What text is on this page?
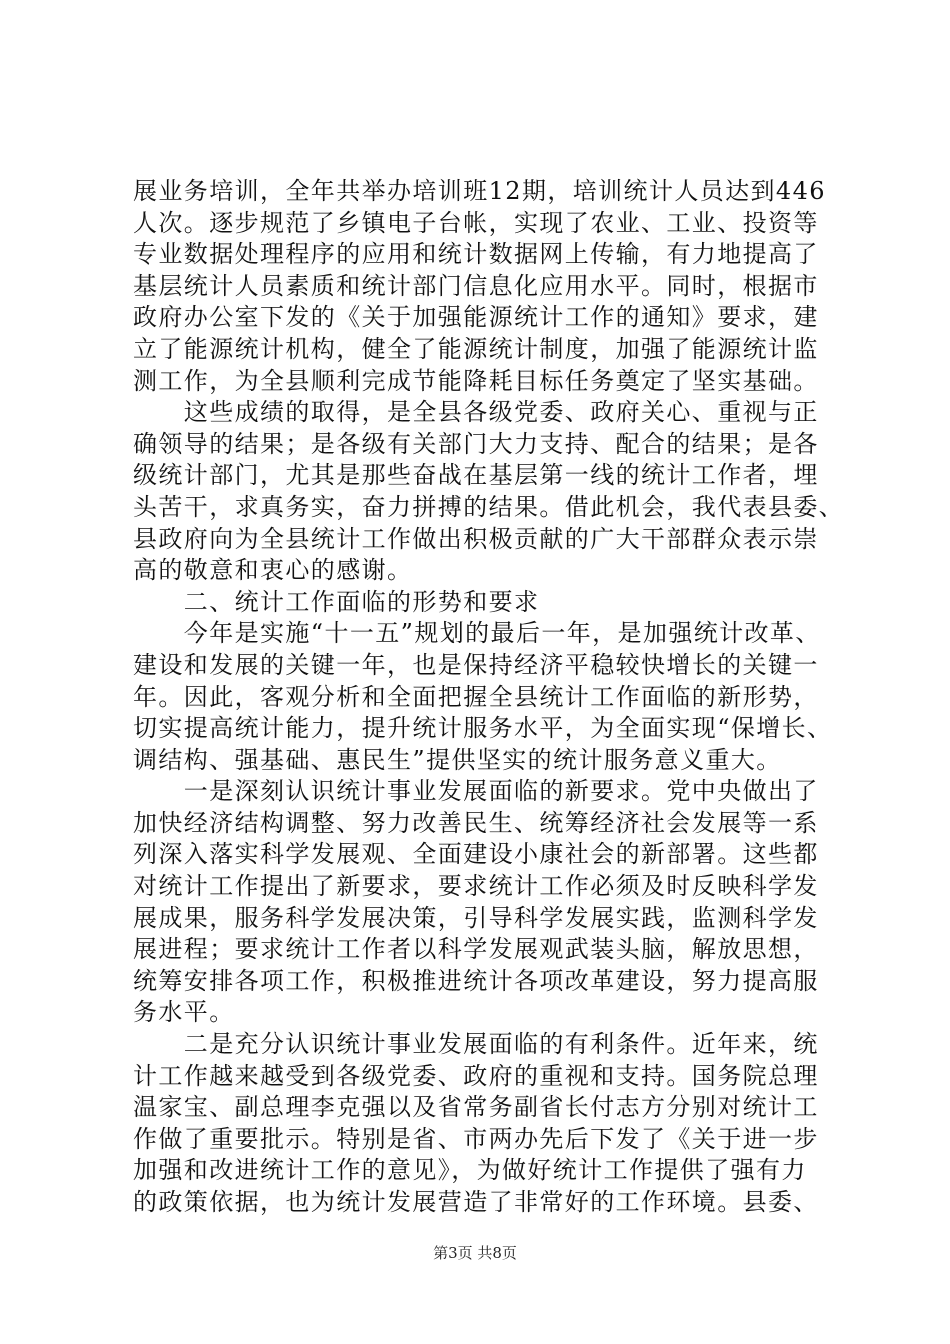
展业务培训，全年共举办培训班12期，培训统计人员达到446
人次。逐步规范了乡镇电子台帐，实现了农业、工业、投资等
专业数据处理程序的应用和统计数据网上传输，有力地提高了
基层统计人员素质和统计部门信息化应用水平。同时，根据市
政府办公室下发的《关于加强能源统计工作的通知》要求，建
立了能源统计机构，健全了能源统计制度，加强了能源统计监
测工作，为全县顺利完成节能降耗目标任务奠定了坚实基础。
　　这些成绩的取得，是全县各级党委、政府关心、重视与正
确领导的结果；是各级有关部门大力支持、配合的结果；是各
级统计部门，尤其是那些奋战在基层第一线的统计工作者，埋
头苦干，求真务实，奋力拼搏的结果。借此机会，我代表县委、
县政府向为全县统计工作做出积极贡献的广大干部群众表示崇
高的敬意和衷心的感谢。
　　二、统计工作面临的形势和要求
　　今年是实施“十一五”规划的最后一年，是加强统计改革、
建设和发展的关键一年，也是保持经济平稳较快增长的关键一
年。因此，客观分析和全面把握全县统计工作面临的新形势，
切实提高统计能力，提升统计服务水平，为全面实现“保增长、
调结构、强基础、惠民生”提供坚实的统计服务意义重大。
　　一是深刻认识统计事业发展面临的新要求。党中央做出了
加快经济结构调整、努力改善民生、统筹经济社会发展等一系
列深入落实科学发展观、全面建设小康社会的新部署。这些都
对统计工作提出了新要求，要求统计工作必须及时反映科学发
展成果，服务科学发展决策，引导科学发展实践，监测科学发
展进程；要求统计工作者以科学发展观武装头脑，解放思想，
统筹安排各项工作，积极推进统计各项改革建设，努力提高服
务水平。
　　二是充分认识统计事业发展面临的有利条件。近年来，统
计工作越来越受到各级党委、政府的重视和支持。国务院总理
温家宝、副总理李克强以及省常务副省长付志方分别对统计工
作做了重要批示。特别是省、市两办先后下发了《关于进一步
加强和改进统计工作的意见》，为做好统计工作提供了强有力
的政策依据，也为统计发展营造了非常好的工作环境。县委、
第3页 共8页
